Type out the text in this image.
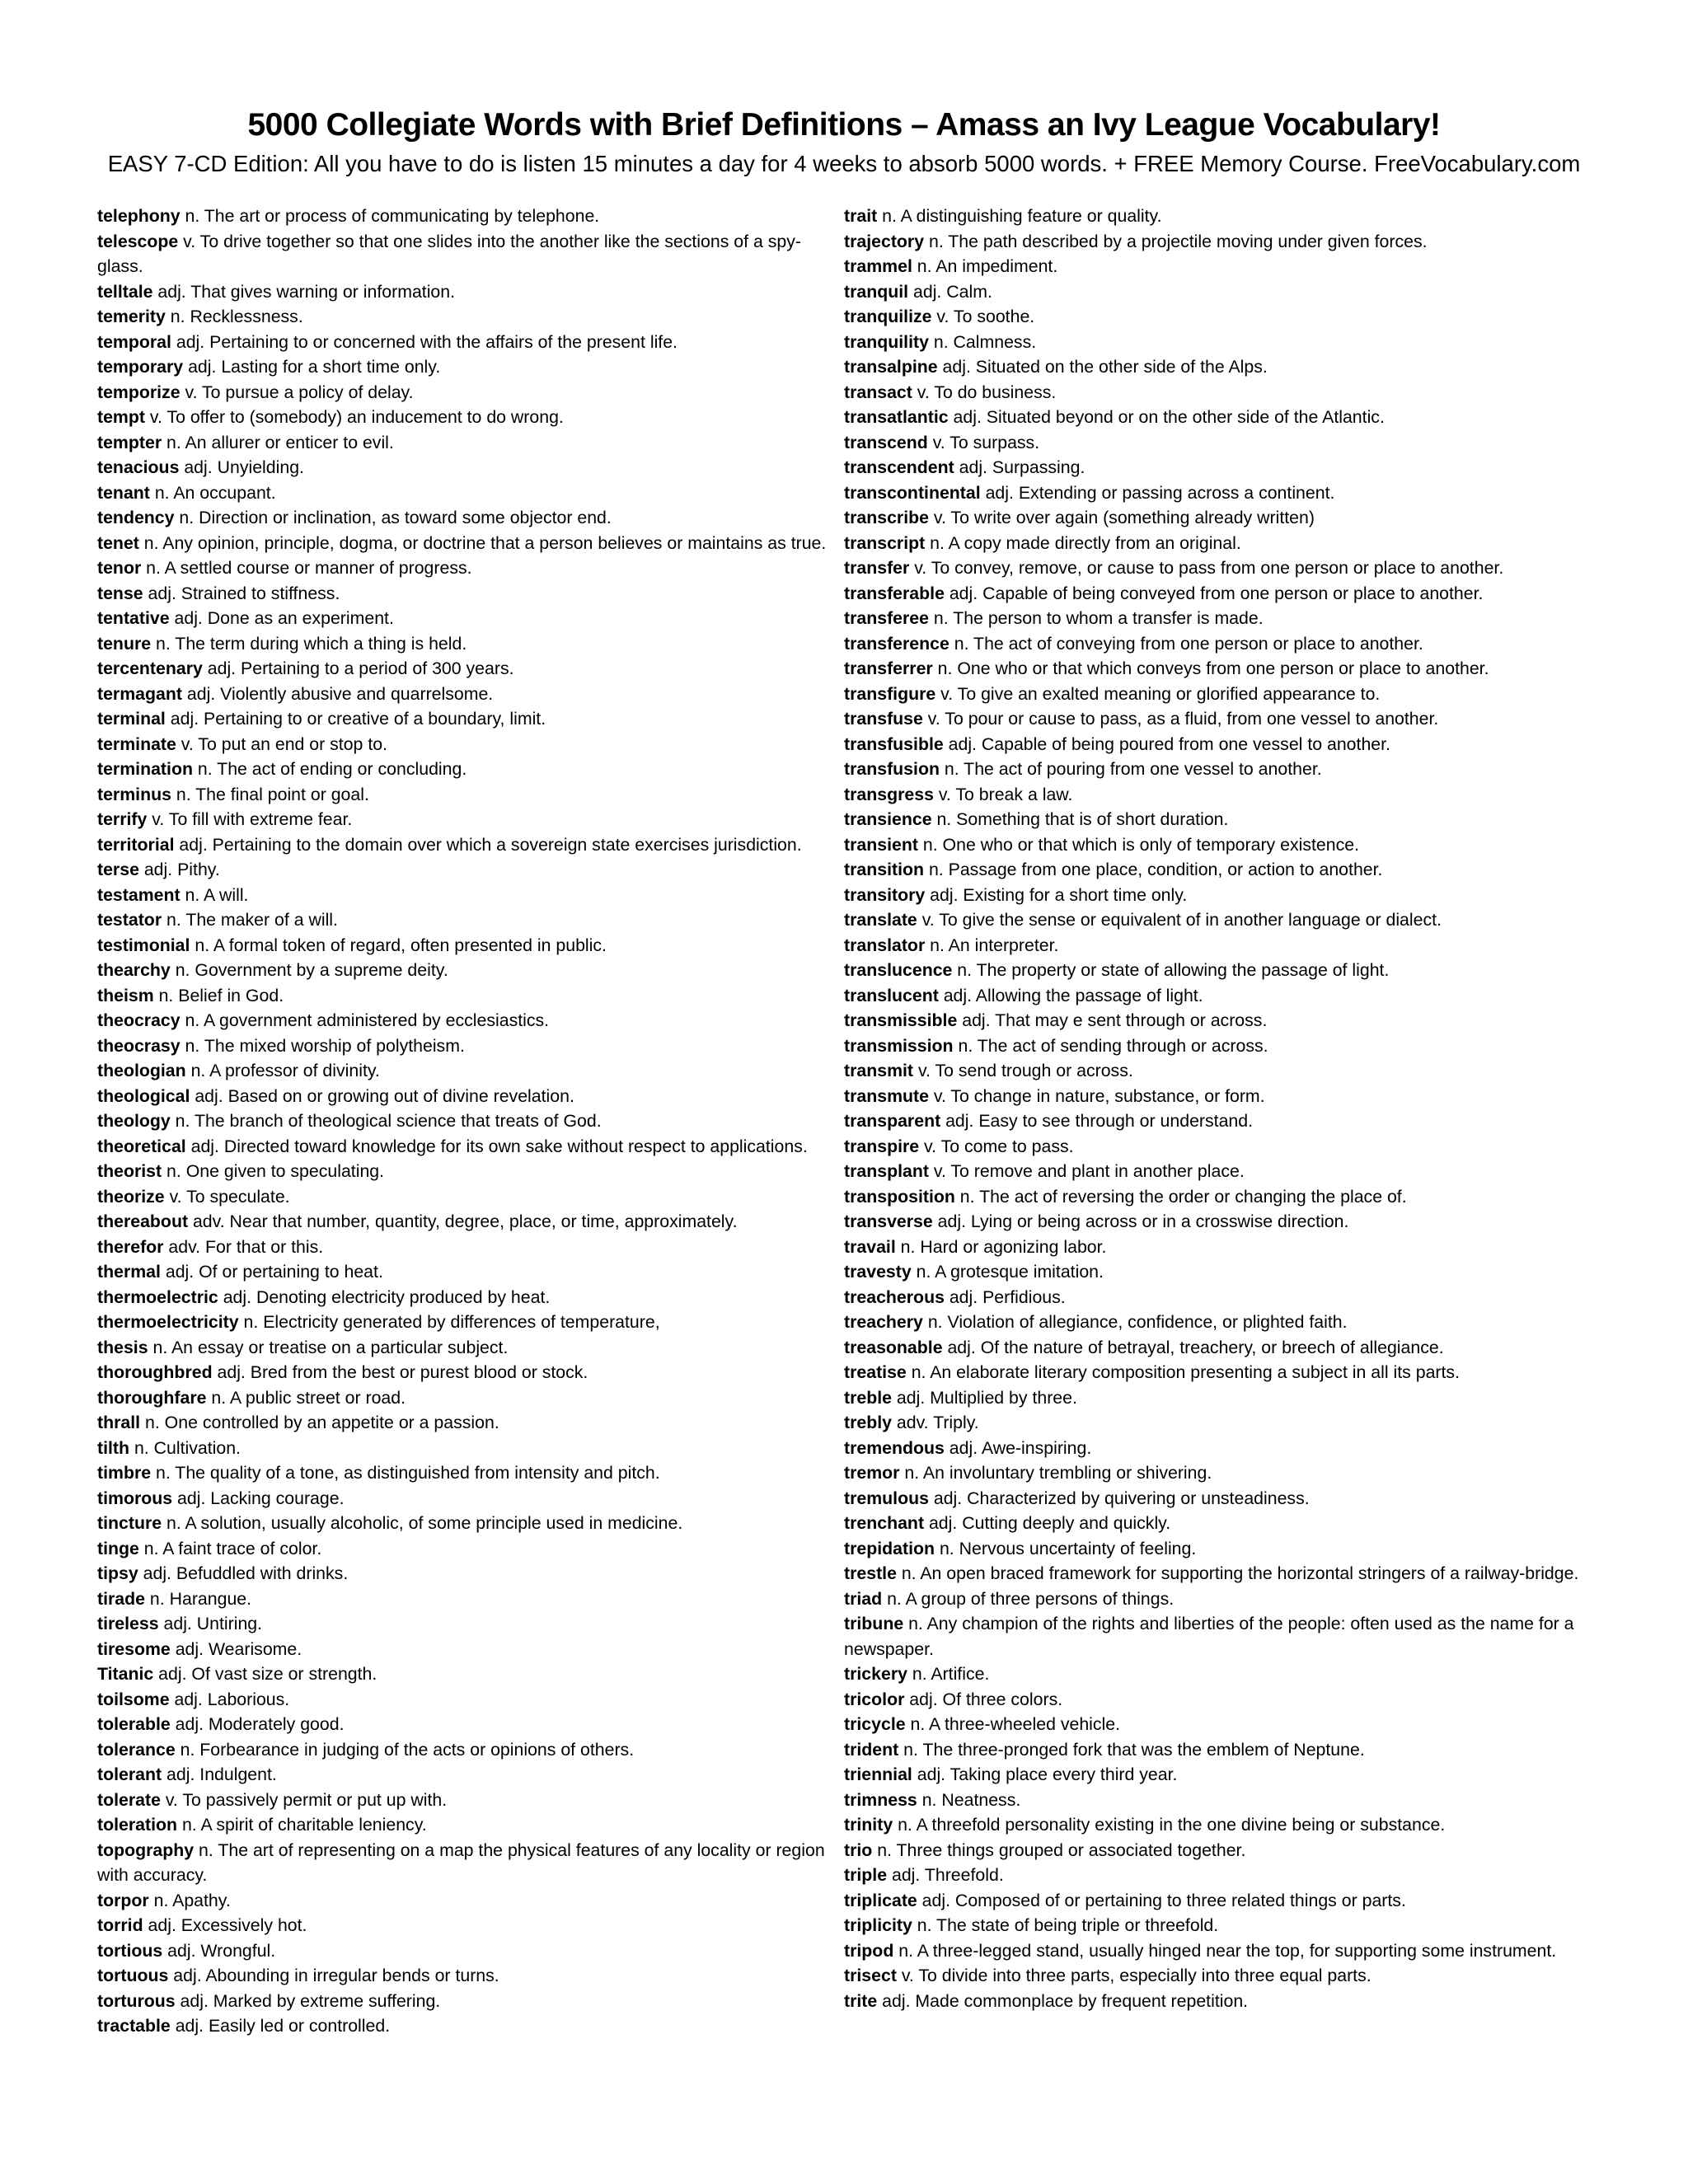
5000 Collegiate Words with Brief Definitions – Amass an Ivy League Vocabulary!
EASY 7-CD Edition: All you have to do is listen 15 minutes a day for 4 weeks to absorb 5000 words. + FREE Memory Course. FreeVocabulary.com

telephony n. The art or process of communicating by telephone.

telescope v. To drive together so that one slides into the another like the sections of a spy-glass.

telltale adj. That gives warning or information.

temerity n. Recklessness.

temporal adj. Pertaining to or concerned with the affairs of the present life.

temporary adj. Lasting for a short time only.

temporize v. To pursue a policy of delay.

tempt v. To offer to (somebody) an inducement to do wrong.

tempter n. An allurer or enticer to evil.

tenacious adj. Unyielding.

tenant n. An occupant.

tendency n. Direction or inclination, as toward some objector end.

tenet n. Any opinion, principle, dogma, or doctrine that a person believes or maintains as true.

tenor n. A settled course or manner of progress.

tense adj. Strained to stiffness.

tentative adj. Done as an experiment.

tenure n. The term during which a thing is held.

tercentenary adj. Pertaining to a period of 300 years.

termagant adj. Violently abusive and quarrelsome.

terminal adj. Pertaining to or creative of a boundary, limit.

terminate v. To put an end or stop to.

termination n. The act of ending or concluding.

terminus n. The final point or goal.

terrify v. To fill with extreme fear.

territorial adj. Pertaining to the domain over which a sovereign state exercises jurisdiction.

terse adj. Pithy.

testament n. A will.

testator n. The maker of a will.

testimonial n. A formal token of regard, often presented in public.

thearchy n. Government by a supreme deity.

theism n. Belief in God.

theocracy n. A government administered by ecclesiastics.

theocrasy n. The mixed worship of polytheism.

theologian n. A professor of divinity.

theological adj. Based on or growing out of divine revelation.

theology n. The branch of theological science that treats of God.

theoretical adj. Directed toward knowledge for its own sake without respect to applications.

theorist n. One given to speculating.

theorize v. To speculate.

thereabout adv. Near that number, quantity, degree, place, or time, approximately.

therefor adv. For that or this.

thermal adj. Of or pertaining to heat.

thermoelectric adj. Denoting electricity produced by heat.

thermoelectricity n. Electricity generated by differences of temperature,

thesis n. An essay or treatise on a particular subject.

thoroughbred adj. Bred from the best or purest blood or stock.

thoroughfare n. A public street or road.

thrall n. One controlled by an appetite or a passion.

tilth n. Cultivation.

timbre n. The quality of a tone, as distinguished from intensity and pitch.

timorous adj. Lacking courage.

tincture n. A solution, usually alcoholic, of some principle used in medicine.

tinge n. A faint trace of color.

tipsy adj. Befuddled with drinks.

tirade n. Harangue.

tireless adj. Untiring.

tiresome adj. Wearisome.

Titanic adj. Of vast size or strength.

toilsome adj. Laborious.

tolerable adj. Moderately good.

tolerance n. Forbearance in judging of the acts or opinions of others.

tolerant adj. Indulgent.

tolerate v. To passively permit or put up with.

toleration n. A spirit of charitable leniency.

topography n. The art of representing on a map the physical features of any locality or region with accuracy.

torpor n. Apathy.

torrid adj. Excessively hot.

tortious adj. Wrongful.

tortuous adj. Abounding in irregular bends or turns.

torturous adj. Marked by extreme suffering.

tractable adj. Easily led or controlled.

trait n. A distinguishing feature or quality.

trajectory n. The path described by a projectile moving under given forces.

trammel n. An impediment.

tranquil adj. Calm.

tranquilize v. To soothe.

tranquility n. Calmness.

transalpine adj. Situated on the other side of the Alps.

transact v. To do business.

transatlantic adj. Situated beyond or on the other side of the Atlantic.

transcend v. To surpass.

transcendent adj. Surpassing.

transcontinental adj. Extending or passing across a continent.

transcribe v. To write over again (something already written)

transcript n. A copy made directly from an original.

transfer v. To convey, remove, or cause to pass from one person or place to another.

transferable adj. Capable of being conveyed from one person or place to another.

transferee n. The person to whom a transfer is made.

transference n. The act of conveying from one person or place to another.

transferrer n. One who or that which conveys from one person or place to another.

transfigure v. To give an exalted meaning or glorified appearance to.

transfuse v. To pour or cause to pass, as a fluid, from one vessel to another.

transfusible adj. Capable of being poured from one vessel to another.

transfusion n. The act of pouring from one vessel to another.

transgress v. To break a law.

transience n. Something that is of short duration.

transient n. One who or that which is only of temporary existence.

transition n. Passage from one place, condition, or action to another.

transitory adj. Existing for a short time only.

translate v. To give the sense or equivalent of in another language or dialect.

translator n. An interpreter.

translucence n. The property or state of allowing the passage of light.

translucent adj. Allowing the passage of light.

transmissible adj. That may e sent through or across.

transmission n. The act of sending through or across.

transmit v. To send trough or across.

transmute v. To change in nature, substance, or form.

transparent adj. Easy to see through or understand.

transpire v. To come to pass.

transplant v. To remove and plant in another place.

transposition n. The act of reversing the order or changing the place of.

transverse adj. Lying or being across or in a crosswise direction.

travail n. Hard or agonizing labor.

travesty n. A grotesque imitation.

treacherous adj. Perfidious.

treachery n. Violation of allegiance, confidence, or plighted faith.

treasonable adj. Of the nature of betrayal, treachery, or breech of allegiance.

treatise n. An elaborate literary composition presenting a subject in all its parts.

treble adj. Multiplied by three.

trebly adv. Triply.

tremendous adj. Awe-inspiring.

tremor n. An involuntary trembling or shivering.

tremulous adj. Characterized by quivering or unsteadiness.

trenchant adj. Cutting deeply and quickly.

trepidation n. Nervous uncertainty of feeling.

trestle n. An open braced framework for supporting the horizontal stringers of a railway-bridge.

triad n. A group of three persons of things.

tribune n. Any champion of the rights and liberties of the people: often used as the name for a newspaper.

trickery n. Artifice.

tricolor adj. Of three colors.

tricycle n. A three-wheeled vehicle.

trident n. The three-pronged fork that was the emblem of Neptune.

triennial adj. Taking place every third year.

trimness n. Neatness.

trinity n. A threefold personality existing in the one divine being or substance.

trio n. Three things grouped or associated together.

triple adj. Threefold.

triplicate adj. Composed of or pertaining to three related things or parts.

triplicity n. The state of being triple or threefold.

tripod n. A three-legged stand, usually hinged near the top, for supporting some instrument.

trisect v. To divide into three parts, especially into three equal parts.

trite adj. Made commonplace by frequent repetition.
